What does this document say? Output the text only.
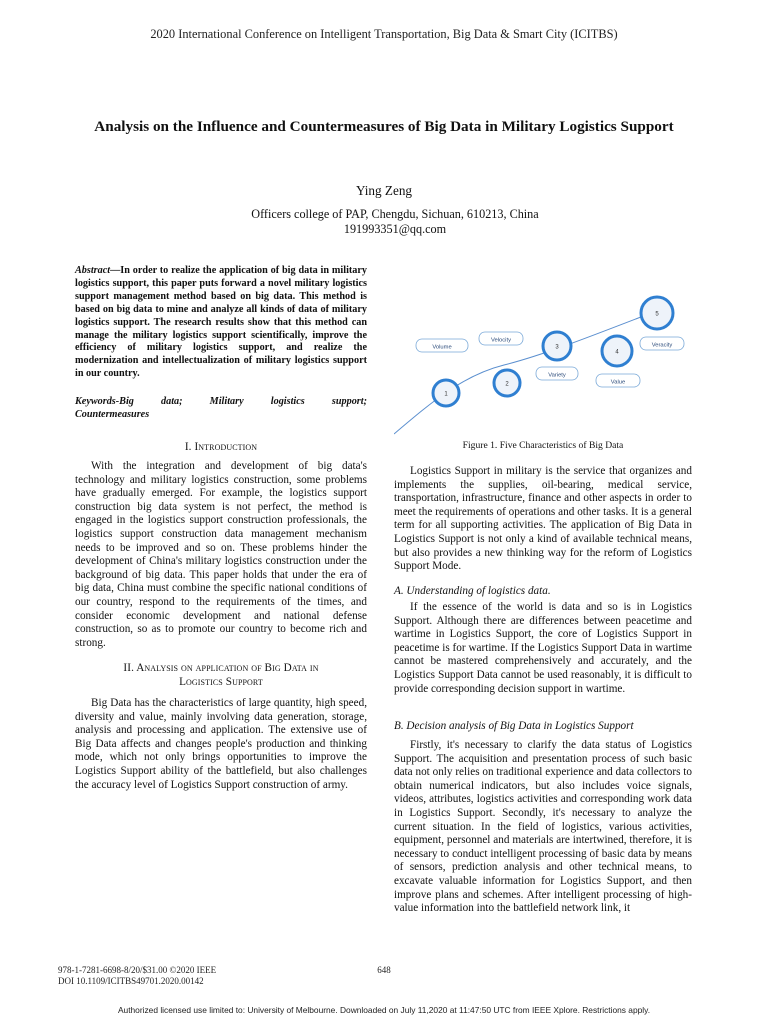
2020 International Conference on Intelligent Transportation, Big Data & Smart City (ICITBS)
Analysis on the Influence and Countermeasures of Big Data in Military Logistics Support
Ying Zeng
Officers college of PAP, Chengdu, Sichuan, 610213, China
191993351@qq.com
Abstract—In order to realize the application of big data in military logistics support, this paper puts forward a novel military logistics support management method based on big data. This method is based on big data to mine and analyze all kinds of data of military logistics support. The research results show that this method can manage the military logistics support scientifically, improve the efficiency of military logistics support, and realize the modernization and intellectualization of military logistics support in our country.
Keywords-Big data; Military logistics support;
Countermeasures
I. Introduction

With the integration and development of big data's technology and military logistics construction, some problems have gradually emerged. For example, the logistics support construction big data system is not perfect, the method is engaged in the logistics support construction professionals, the logistics support construction data management mechanism needs to be improved and so on. These problems hinder the development of China's military logistics construction under the background of big data. This paper holds that under the era of big data, China must combine the specific national conditions of our country, respond to the requirements of the times, and consider economic development and national defense construction, so as to promote our country to become rich and strong.

II. Analysis on application of Big Data in
Logistics Support

Big Data has the characteristics of large quantity, high speed, diversity and value, mainly involving data generation, storage, analysis and processing and application. The extensive use of Big Data affects and changes people's production and thinking mode, which not only brings opportunities to improve the Logistics Support ability of the battlefield, but also challenges the accuracy level of Logistics Support construction of army.

Volume
Velocity
Variety
Value
Veracity
1
2
3
4
5
Figure 1. Five Characteristics of Big Data

Logistics Support in military is the service that organizes and implements the supplies, oil-bearing, medical service, transportation, infrastructure, finance and other aspects in order to meet the requirements of operations and other tasks. It is a general term for all supporting activities. The application of Big Data in Logistics Support is not only a kind of available technical means, but also provides a new thinking way for the reform of Logistics Support Mode.

A. Understanding of logistics data.

If the essence of the world is data and so is in Logistics Support. Although there are differences between peacetime and wartime in Logistics Support, the core of Logistics Support in peacetime is for wartime. If the Logistics Support Data in wartime cannot be mastered comprehensively and accurately, and the Logistics Support Data cannot be used reasonably, it is difficult to provide corresponding decision support in wartime.

B. Decision analysis of Big Data in Logistics Support

Firstly, it's necessary to clarify the data status of Logistics Support. The acquisition and presentation process of such basic data not only relies on traditional experience and data collectors to obtain numerical indicators, but also includes voice signals, videos, attributes, logistics activities and corresponding work data in Logistics Support. Secondly, it's necessary to analyze the current situation. In the field of logistics, various activities, equipment, personnel and materials are intertwined, therefore, it is necessary to conduct intelligent processing of basic data by means of sensors, prediction analysis and other technical means, to excavate valuable information for Logistics Support, and then improve plans and schemes. After intelligent processing of high-value information into the battlefield network link, it

978-1-7281-6698-8/20/$31.00 ©2020 IEEE
DOI 10.1109/ICITBS49701.2020.00142
648
Authorized licensed use limited to: University of Melbourne. Downloaded on July 11,2020 at 11:47:50 UTC from IEEE Xplore. Restrictions apply.
